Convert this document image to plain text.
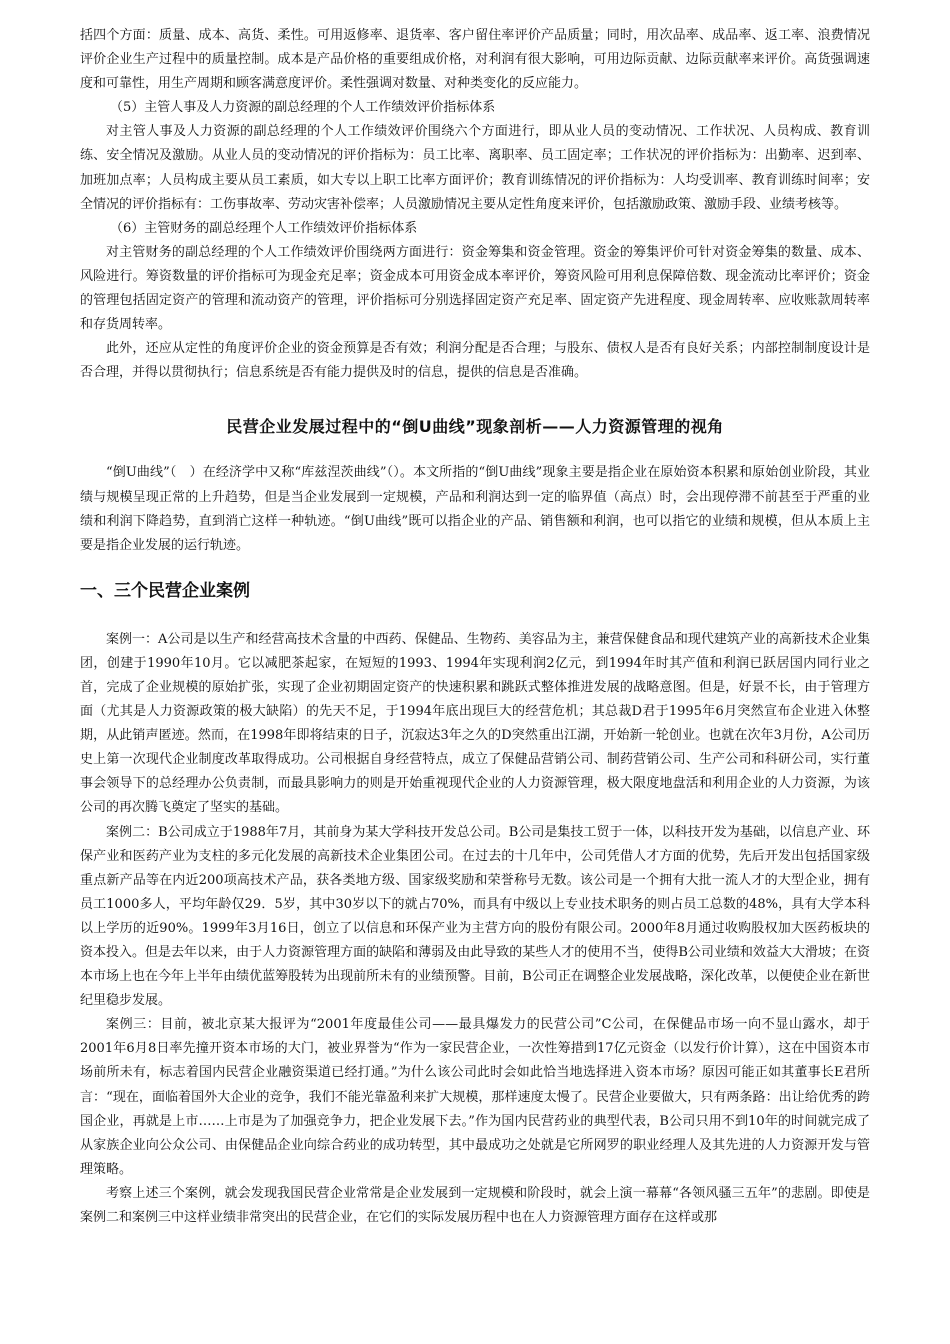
括四个方面：质量、成本、高货、柔性。可用返修率、退货率、客户留住率评价产品质量；同时，用次品率、成品率、返工率、浪费情况评价企业生产过程中的质量控制。成本是产品价格的重要组成价格，对利润有很大影响，可用边际贡献、边际贡献率来评价。高货强调速度和可靠性，用生产周期和顾客满意度评价。柔性强调对数量、对种类变化的反应能力。

（5）主管人事及人力资源的副总经理的个人工作绩效评价指标体系

对主管人事及人力资源的副总经理的个人工作绩效评价围绕六个方面进行，即从业人员的变动情况、工作状况、人员构成、教育训练、安全情况及激励。从业人员的变动情况的评价指标为：员工比率、离职率、员工固定率；工作状况的评价指标为：出勤率、迟到率、加班加点率；人员构成主要从员工素质，如大专以上职工比率方面评价；教育训练情况的评价指标为：人均受训率、教育训练时间率；安全情况的评价指标有：工伤事故率、劳动灾害补偿率；人员激励情况主要从定性角度来评价，包括激励政策、激励手段、业绩考核等。

（6）主管财务的副总经理个人工作绩效评价指标体系

对主管财务的副总经理的个人工作绩效评价围绕两方面进行：资金筹集和资金管理。资金的筹集评价可针对资金筹集的数量、成本、风险进行。筹资数量的评价指标可为现金充足率；资金成本可用资金成本率评价，筹资风险可用利息保障倍数、现金流动比率评价；资金的管理包括固定资产的管理和流动资产的管理，评价指标可分别选择固定资产充足率、固定资产先进程度、现金周转率、应收账款周转率和存货周转率。

此外，还应从定性的角度评价企业的资金预算是否有效；利润分配是否合理；与股东、债权人是否有良好关系；内部控制制度设计是否合理，并得以贯彻执行；信息系统是否有能力提供及时的信息，提供的信息是否准确。

民营企业发展过程中的“倒U曲线”现象剖析——人力资源管理的视角

“倒U曲线”（　）在经济学中又称“库兹涅茨曲线”（）。本文所指的“倒U曲线”现象主要是指企业在原始资本积累和原始创业阶段，其业绩与规模呈现正常的上升趋势，但是当企业发展到一定规模，产品和利润达到一定的临界值（高点）时，会出现停滞不前甚至于严重的业绩和利润下降趋势，直到消亡这样一种轨迹。“倒U曲线”既可以指企业的产品、销售额和利润，也可以指它的业绩和规模，但从本质上主要是指企业发展的运行轨迹。

一、三个民营企业案例

案例一：A公司是以生产和经营高技术含量的中西药、保健品、生物药、美容品为主，兼营保健食品和现代建筑产业的高新技术企业集团，创建于1990年10月。它以减肥茶起家，在短短的1993、1994年实现利润2亿元，到1994年时其产值和利润已跃居国内同行业之首，完成了企业规模的原始扩张，实现了企业初期固定资产的快速积累和跳跃式整体推进发展的战略意图。但是，好景不长，由于管理方面（尤其是人力资源政策的极大缺陷）的先天不足，于1994年底出现巨大的经营危机；其总裁D君于1995年6月突然宣布企业进入休整期，从此销声匿迹。然而，在1998年即将结束的日子，沉寂达3年之久的D突然重出江湖，开始新一轮创业。也就在次年3月份，A公司历史上第一次现代企业制度改革取得成功。公司根据自身经营特点，成立了保健品营销公司、制药营销公司、生产公司和科研公司，实行董事会领导下的总经理办公负责制，而最具影响力的则是开始重视现代企业的人力资源管理，极大限度地盘活和利用企业的人力资源，为该公司的再次腾飞奠定了坚实的基础。

案例二：B公司成立于1988年7月，其前身为某大学科技开发总公司。B公司是集技工贸于一体，以科技开发为基础，以信息产业、环保产业和医药产业为支柱的多元化发展的高新技术企业集团公司。在过去的十几年中，公司凭借人才方面的优势，先后开发出包括国家级重点新产品等在内近200项高技术产品，获各类地方级、国家级奖励和荣誉称号无数。该公司是一个拥有大批一流人才的大型企业，拥有员工1000多人，平均年龄仅29．5岁，其中30岁以下的就占70%，而具有中级以上专业技术职务的则占员工总数的48%，具有大学本科以上学历的近90%。1999年3月16日，创立了以信息和环保产业为主营方向的股份有限公司。2000年8月通过收购股权加大医药板块的资本投入。但是去年以来，由于人力资源管理方面的缺陷和薄弱及由此导致的某些人才的使用不当，使得B公司业绩和效益大大滑坡；在资本市场上也在今年上半年由绩优蓝筹股转为出现前所未有的业绩预警。目前，B公司正在调整企业发展战略，深化改革，以便使企业在新世纪里稳步发展。

案例三：目前，被北京某大报评为“2001年度最佳公司——最具爆发力的民营公司”C公司，在保健品市场一向不显山露水，却于2001年6月8日率先撞开资本市场的大门，被业界誉为“作为一家民营企业，一次性筹措到17亿元资金（以发行价计算），这在中国资本市场前所未有，标志着国内民营企业融资渠道已经打通。”为什么该公司此时会如此恰当地选择进入资本市场？原因可能正如其董事长E君所言：“现在，面临着国外大企业的竞争，我们不能光靠盈利来扩大规模，那样速度太慢了。民营企业要做大，只有两条路：出让给优秀的跨国企业，再就是上市……上市是为了加强竞争力，把企业发展下去。”作为国内民营药业的典型代表，B公司只用不到10年的时间就完成了从家族企业向公众公司、由保健品企业向综合药业的成功转型，其中最成功之处就是它所网罗的职业经理人及其先进的人力资源开发与管理策略。

考察上述三个案例，就会发现我国民营企业常常是企业发展到一定规模和阶段时，就会上演一幕幕“各领风骚三五年”的悲剧。即使是案例二和案例三中这样业绩非常突出的民营企业，在它们的实际发展历程中也在人力资源管理方面存在这样或那
